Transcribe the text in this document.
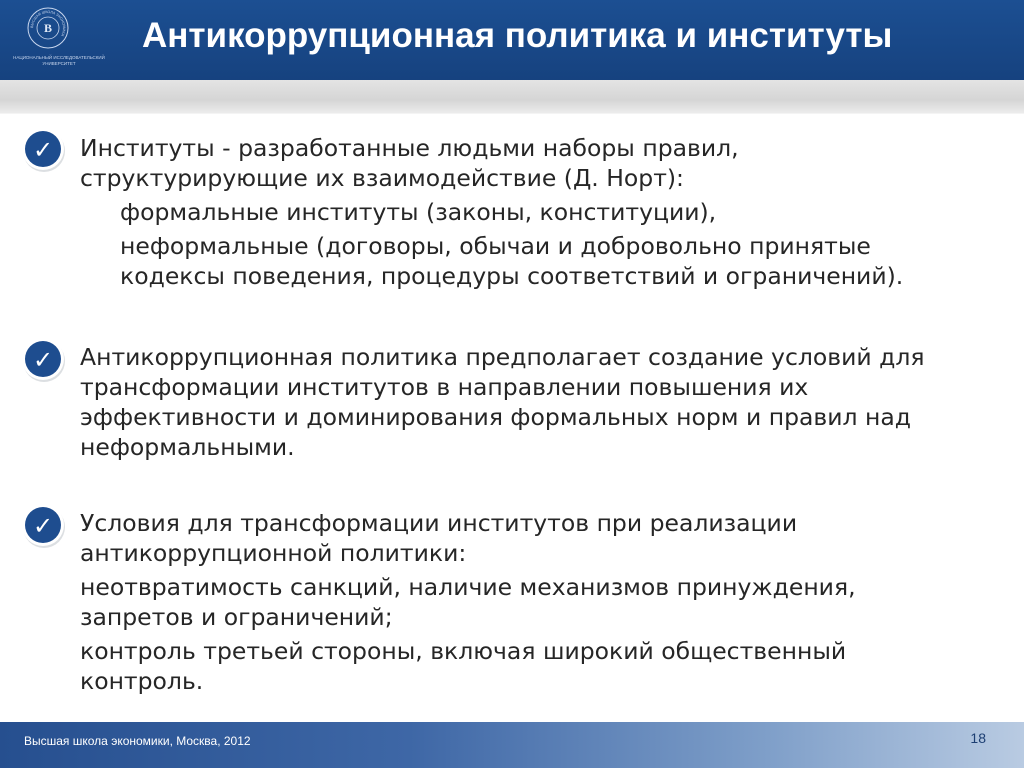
ВЫСШАЯ ШКОЛА ЭКОНОМИКИ
В
НАЦИОНАЛЬНЫЙ ИССЛЕДОВАТЕЛЬСКИЙ УНИВЕРСИТЕТ
Антикоррупционная политика и институты
✓ Институты - разработанные людьми наборы правил,
структурирующие их взаимодействие (Д. Норт):
формальные институты (законы, конституции),
неформальные (договоры, обычаи и добровольно принятые
кодексы поведения, процедуры соответствий и ограничений).
✓ Антикоррупционная политика предполагает создание условий для
трансформации институтов в направлении повышения их
эффективности и доминирования формальных норм и правил над
неформальными.
✓ Условия для трансформации институтов при реализации
антикоррупционной политики:
неотвратимость санкций, наличие механизмов принуждения,
запретов и ограничений;
контроль третьей стороны, включая широкий общественный
контроль.
Высшая школа экономики, Москва, 2012	18
